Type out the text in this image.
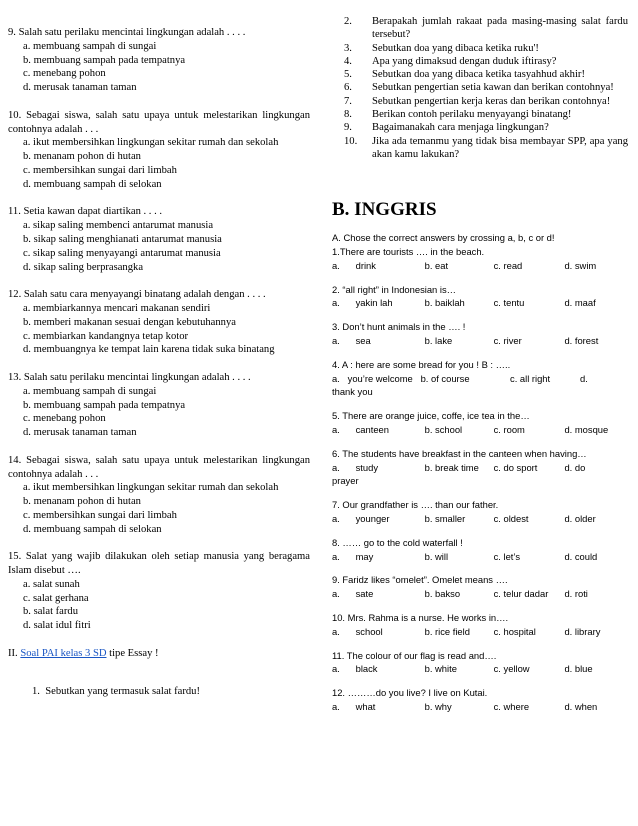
9. Salah satu perilaku mencintai lingkungan adalah . . . .
a. membuang sampah di sungai
b. membuang sampah pada tempatnya
c. menebang pohon
d. merusak tanaman taman
10. Sebagai siswa, salah satu upaya untuk melestarikan lingkungan contohnya adalah . . .
a. ikut membersihkan lingkungan sekitar rumah dan sekolah
b. menanam pohon di hutan
c. membersihkan sungai dari limbah
d. membuang sampah di selokan
11. Setia kawan dapat diartikan . . . .
a. sikap saling membenci antarumat manusia
b. sikap saling menghianati antarumat manusia
c. sikap saling menyayangi antarumat manusia
d. sikap saling berprasangka
12. Salah satu cara menyayangi binatang adalah dengan . . . .
a. membiarkannya mencari makanan sendiri
b. memberi makanan sesuai dengan kebutuhannya
c. membiarkan kandangnya tetap kotor
d. membuangnya ke tempat lain karena tidak suka binatang
13. Salah satu perilaku mencintai lingkungan adalah . . . .
a. membuang sampah di sungai
b. membuang sampah pada tempatnya
c. menebang pohon
d. merusak tanaman taman
14. Sebagai siswa, salah satu upaya untuk melestarikan lingkungan contohnya adalah . . .
a. ikut membersihkan lingkungan sekitar rumah dan sekolah
b. menanam pohon di hutan
c. membersihkan sungai dari limbah
d. membuang sampah di selokan
15. Salat yang wajib dilakukan oleh setiap manusia yang beragama Islam disebut ….
a. salat sunah
c. salat gerhana
b. salat fardu
d. salat idul fitri
II. Soal PAI kelas 3 SD tipe Essay !
1. Sebutkan yang termasuk salat fardu!
2. Berapakah jumlah rakaat pada masing-masing salat fardu tersebut?
3. Sebutkan doa yang dibaca ketika ruku'!
4. Apa yang dimaksud dengan duduk iftirasy?
5. Sebutkan doa yang dibaca ketika tasyahhud akhir!
6. Sebutkan pengertian setia kawan dan berikan contohnya!
7. Sebutkan pengertian kerja keras dan berikan contohnya!
8. Berikan contoh perilaku menyayangi binatang!
9. Bagaimanakah cara menjaga lingkungan?
10. Jika ada temanmu yang tidak bisa membayar SPP, apa yang akan kamu lakukan?
B. INGGRIS
A. Chose the correct answers by crossing a, b, c or d!
1.There are tourists …. in the beach.
a.	drink	b. eat	c. read	d. swim
2. “all right” in Indonesian is…
a.	yakin lah	b. baiklah	c. tentu	d. maaf
3. Don’t hunt animals in the …. !
a.	sea	b. lake	c. river	d. forest
4. A : here are some bread for you ! B : …..
a.   you’re welcome   b. of course	c. all right	d.
thank you
5. There are orange juice, coffe, ice tea in the…
a.	canteen	b. school	c. room	d. mosque
6. The students have breakfast in the canteen when having…
a.	study	b. break time	c. do sport	d. do
prayer
7. Our grandfather is …. than our father.
a.	younger	b. smaller	c. oldest	d. older
8. …… go to the cold waterfall !
a.	may	b. will	c. let’s	d. could
9. Faridz likes “omelet”. Omelet means ….
a.	sate	b. bakso	c. telur dadar	d. roti
10. Mrs. Rahma is a nurse. He works in….
a.	school	b. rice field	c. hospital	d. library
11. The colour of our flag is read and….
a.	black	b. white	c. yellow	d. blue
12. ………do you live? I live on Kutai.
a.	what	b. why	c. where	d. when
